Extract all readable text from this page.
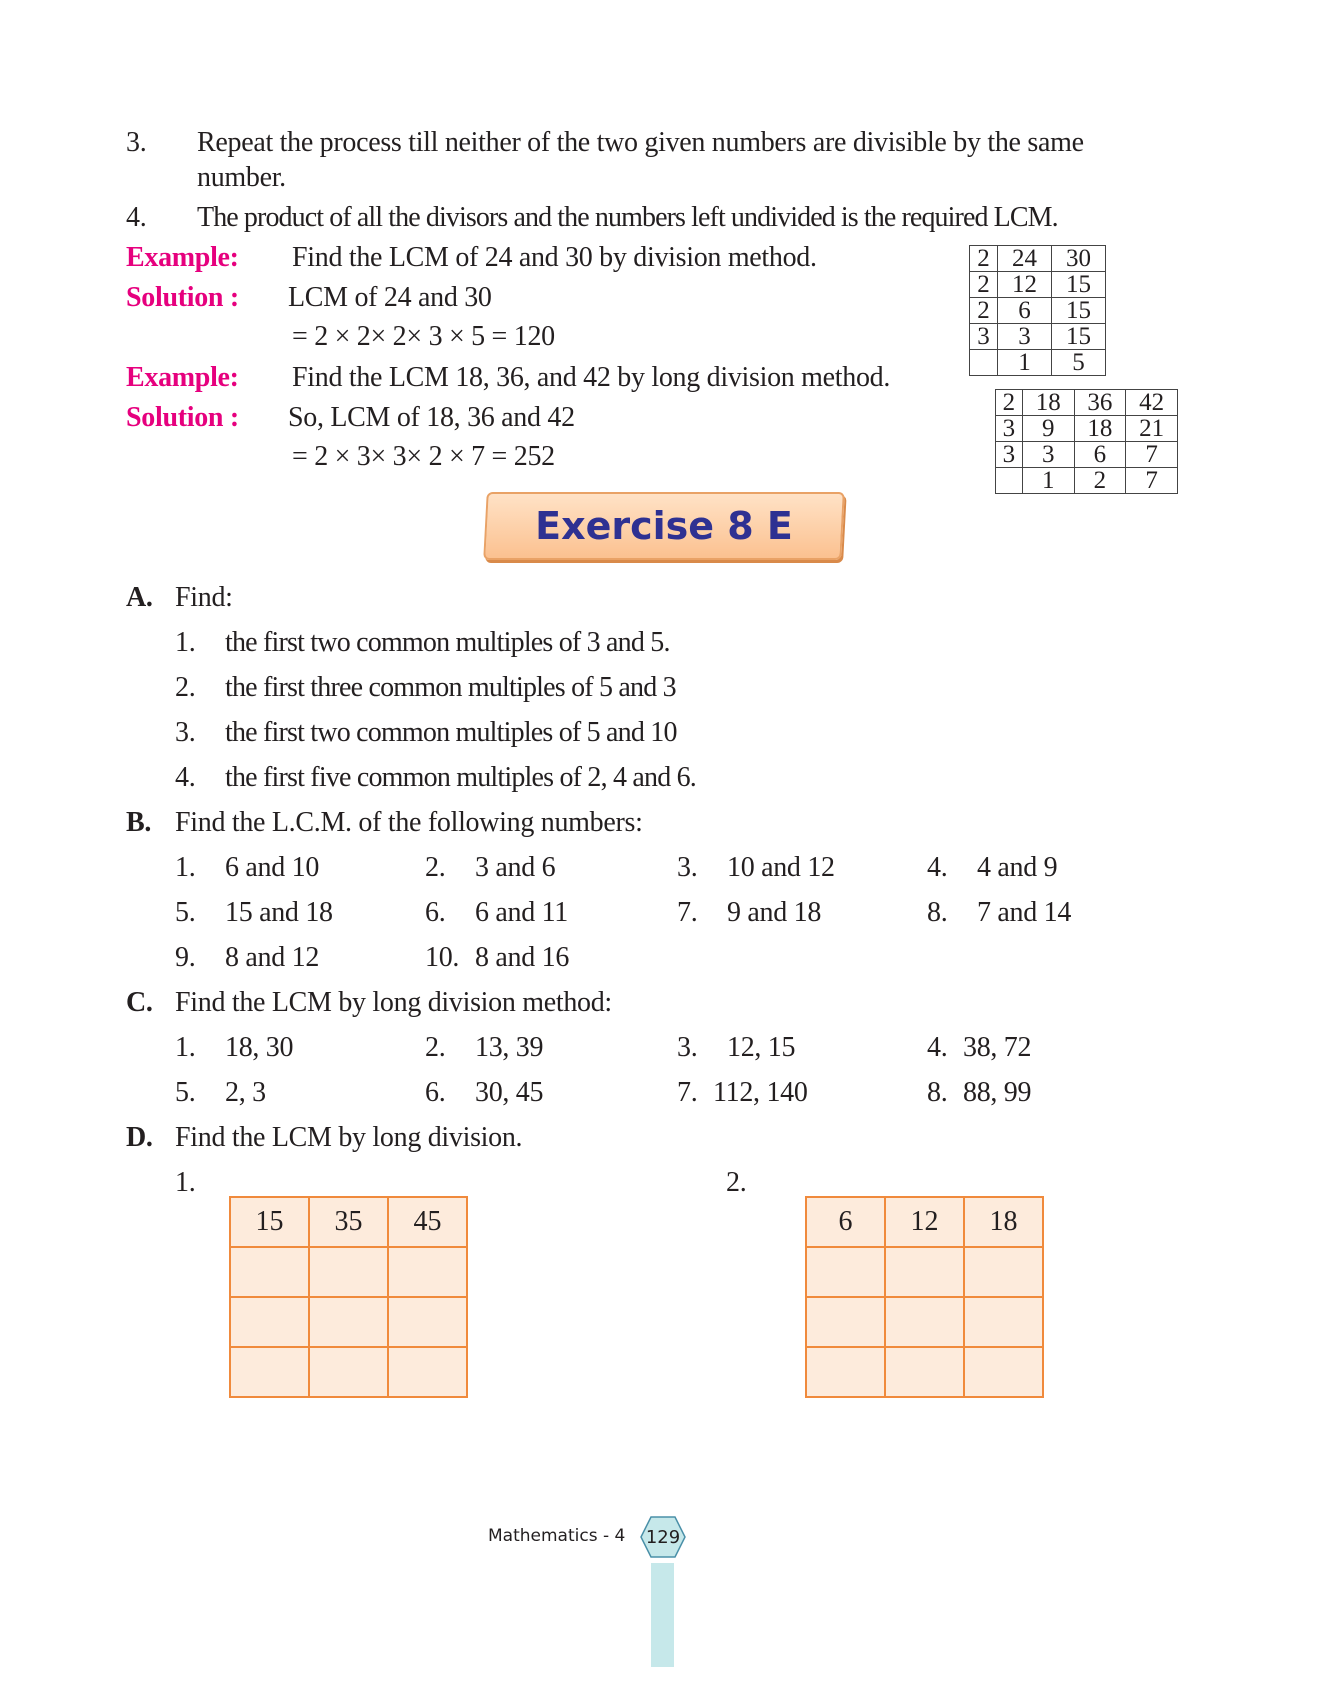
3. Repeat the process till neither of the two given numbers are divisible by the same
number.
4. The product of all the divisors and the numbers left undivided is the required LCM.
Example: Find the LCM of 24 and 30 by division method.
Solution : LCM of 24 and 30
= 2 × 2× 2× 3 × 5 = 120
Example: Find the LCM 18, 36, and 42 by long division method.
Solution : So, LCM of 18, 36 and 42
= 2 × 3× 3× 2 × 7 = 252
2	24	30
2	12	15
2	6	15
3	3	15
	1	5
2	18	36	42
3	9	18	21
3	3	6	7
	1	2	7
Exercise 8 E
A. Find:
1. the first two common multiples of 3 and 5.
2. the first three common multiples of 5 and 3
3. the first two common multiples of 5 and 10
4. the first five common multiples of 2, 4 and 6.
B. Find the L.C.M. of the following numbers:
1. 6 and 10	2. 3 and 6	3. 10 and 12	4. 4 and 9
5. 15 and 18	6. 6 and 11	7. 9 and 18	8. 7 and 14
9. 8 and 12	10. 8 and 16
C. Find the LCM by long division method:
1. 18, 30	2. 13, 39	3. 12, 15	4. 38, 72
5. 2, 3	6. 30, 45	7. 112, 140	8. 88, 99
D. Find the LCM by long division.
1.
15	35	45

2.
6	12	18

Mathematics - 4	129
